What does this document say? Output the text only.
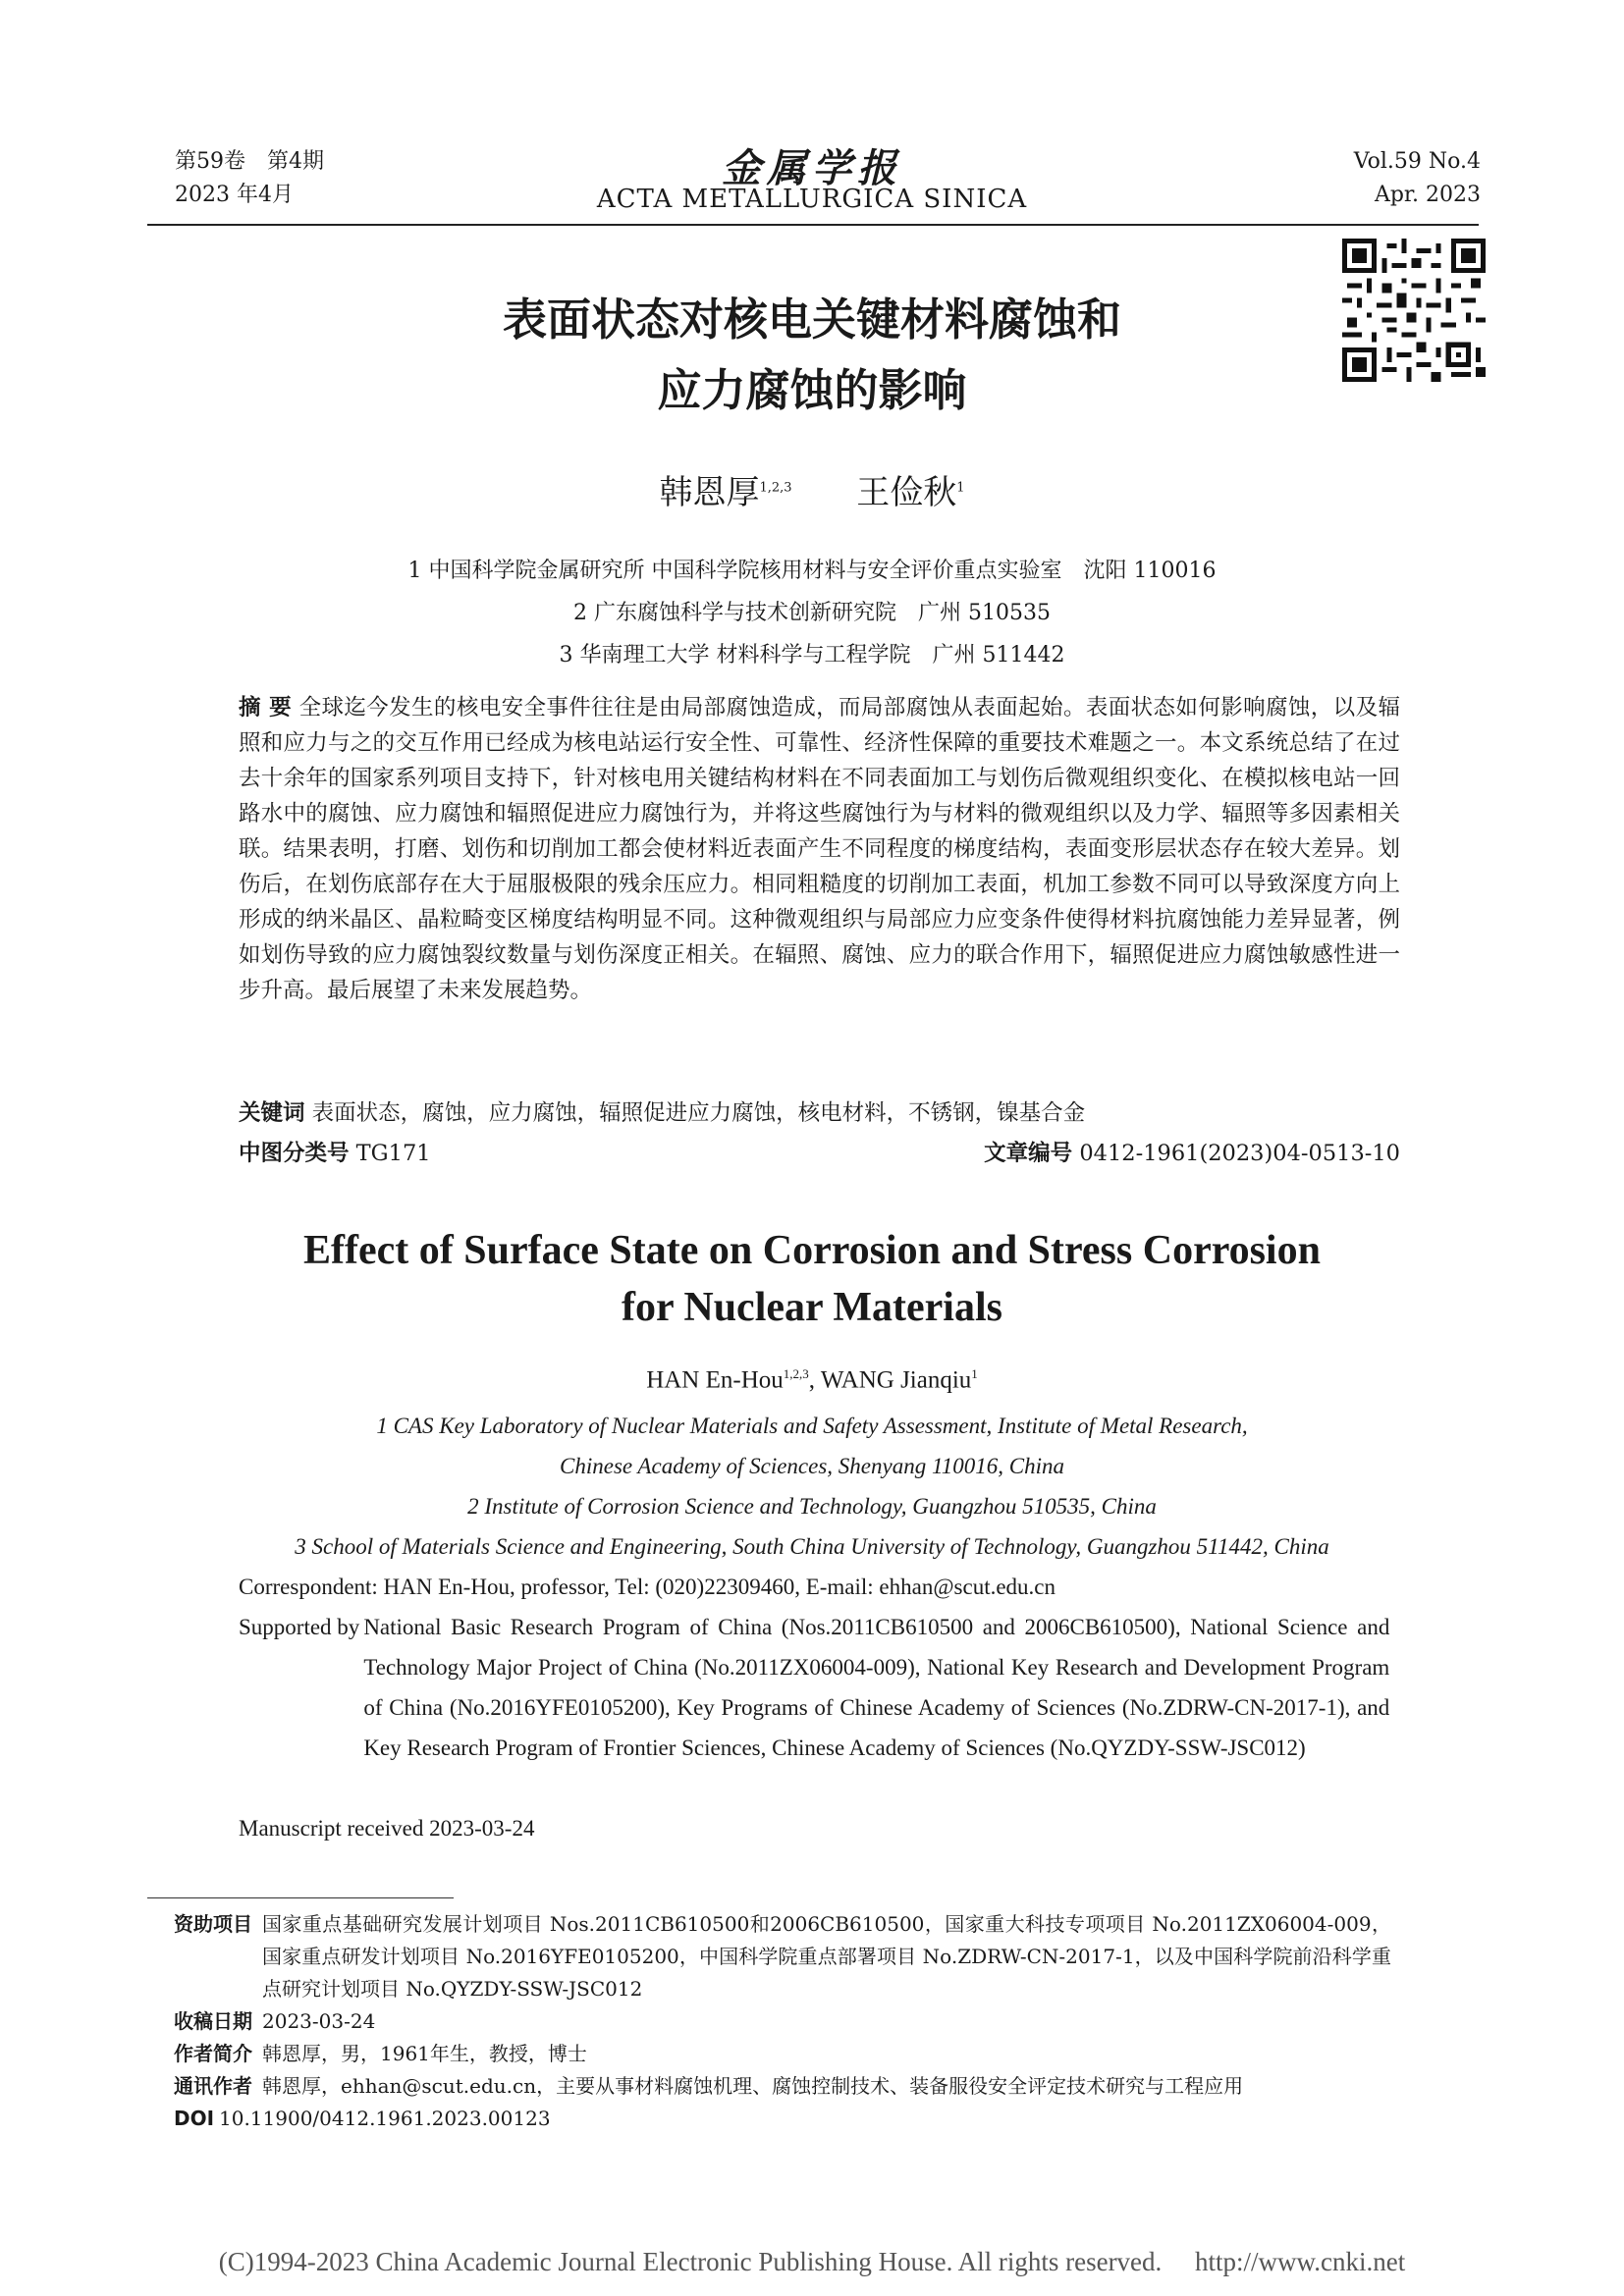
第59卷　第4期
2023 年4月
金属学报
ACTA METALLURGICA SINICA
Vol.59 No.4
Apr. 2023
表面状态对核电关键材料腐蚀和
应力腐蚀的影响
韩恩厚$^{1,2,3}$ 王俭秋$^1$
1 中国科学院金属研究所 中国科学院核用材料与安全评价重点实验室　沈阳 110016
2 广东腐蚀科学与技术创新研究院　广州 510535
3 华南理工大学 材料科学与工程学院　广州 511442
摘 要 全球迄今发生的核电安全事件往往是由局部腐蚀造成，而局部腐蚀从表面起始。表面状态如何影响腐蚀，以及辐照和应力与之的交互作用已经成为核电站运行安全性、可靠性、经济性保障的重要技术难题之一。本文系统总结了在过去十余年的国家系列项目支持下，针对核电用关键结构材料在不同表面加工与划伤后微观组织变化、在模拟核电站一回路水中的腐蚀、应力腐蚀和辐照促进应力腐蚀行为，并将这些腐蚀行为与材料的微观组织以及力学、辐照等多因素相关联。结果表明，打磨、划伤和切削加工都会使材料近表面产生不同程度的梯度结构，表面变形层状态存在较大差异。划伤后，在划伤底部存在大于屈服极限的残余压应力。相同粗糙度的切削加工表面，机加工参数不同可以导致深度方向上形成的纳米晶区、晶粒畸变区梯度结构明显不同。这种微观组织与局部应力应变条件使得材料抗腐蚀能力差异显著，例如划伤导致的应力腐蚀裂纹数量与划伤深度正相关。在辐照、腐蚀、应力的联合作用下，辐照促进应力腐蚀敏感性进一步升高。最后展望了未来发展趋势。
关键词 表面状态，腐蚀，应力腐蚀，辐照促进应力腐蚀，核电材料，不锈钢，镍基合金
中图分类号 TG171	文章编号 0412-1961(2023)04-0513-10
Effect of Surface State on Corrosion and Stress Corrosion
for Nuclear Materials
HAN En-Hou$^{1,2,3}$, WANG Jianqiu$^1$
1 CAS Key Laboratory of Nuclear Materials and Safety Assessment, Institute of Metal Research,
Chinese Academy of Sciences, Shenyang 110016, China
2 Institute of Corrosion Science and Technology, Guangzhou 510535, China
3 School of Materials Science and Engineering, South China University of Technology, Guangzhou 511442, China
Correspondent: HAN En-Hou, professor, Tel: (020)22309460, E-mail: ehhan@scut.edu.cn
Supported by National Basic Research Program of China (Nos.2011CB610500 and 2006CB610500), National Science and Technology Major Project of China (No.2011ZX06004-009), National Key Research and Development Program of China (No.2016YFE0105200), Key Programs of Chinese Academy of Sciences (No.ZDRW-CN-2017-1), and Key Research Program of Frontier Sciences, Chinese Academy of Sciences (No.QYZDY-SSW-JSC012)
Manuscript received 2023-03-24
资助项目 国家重点基础研究发展计划项目 Nos.2011CB610500和2006CB610500，国家重大科技专项项目 No.2011ZX06004-009，国家重点研发计划项目 No.2016YFE0105200，中国科学院重点部署项目 No.ZDRW-CN-2017-1，以及中国科学院前沿科学重点研究计划项目 No.QYZDY-SSW-JSC012
收稿日期 2023-03-24
作者简介 韩恩厚，男，1961年生，教授，博士
通讯作者 韩恩厚，ehhan@scut.edu.cn，主要从事材料腐蚀机理、腐蚀控制技术、装备服役安全评定技术研究与工程应用
DOI 10.11900/0412.1961.2023.00123
(C)1994-2023 China Academic Journal Electronic Publishing House. All rights reserved.　 http://www.cnki.net
